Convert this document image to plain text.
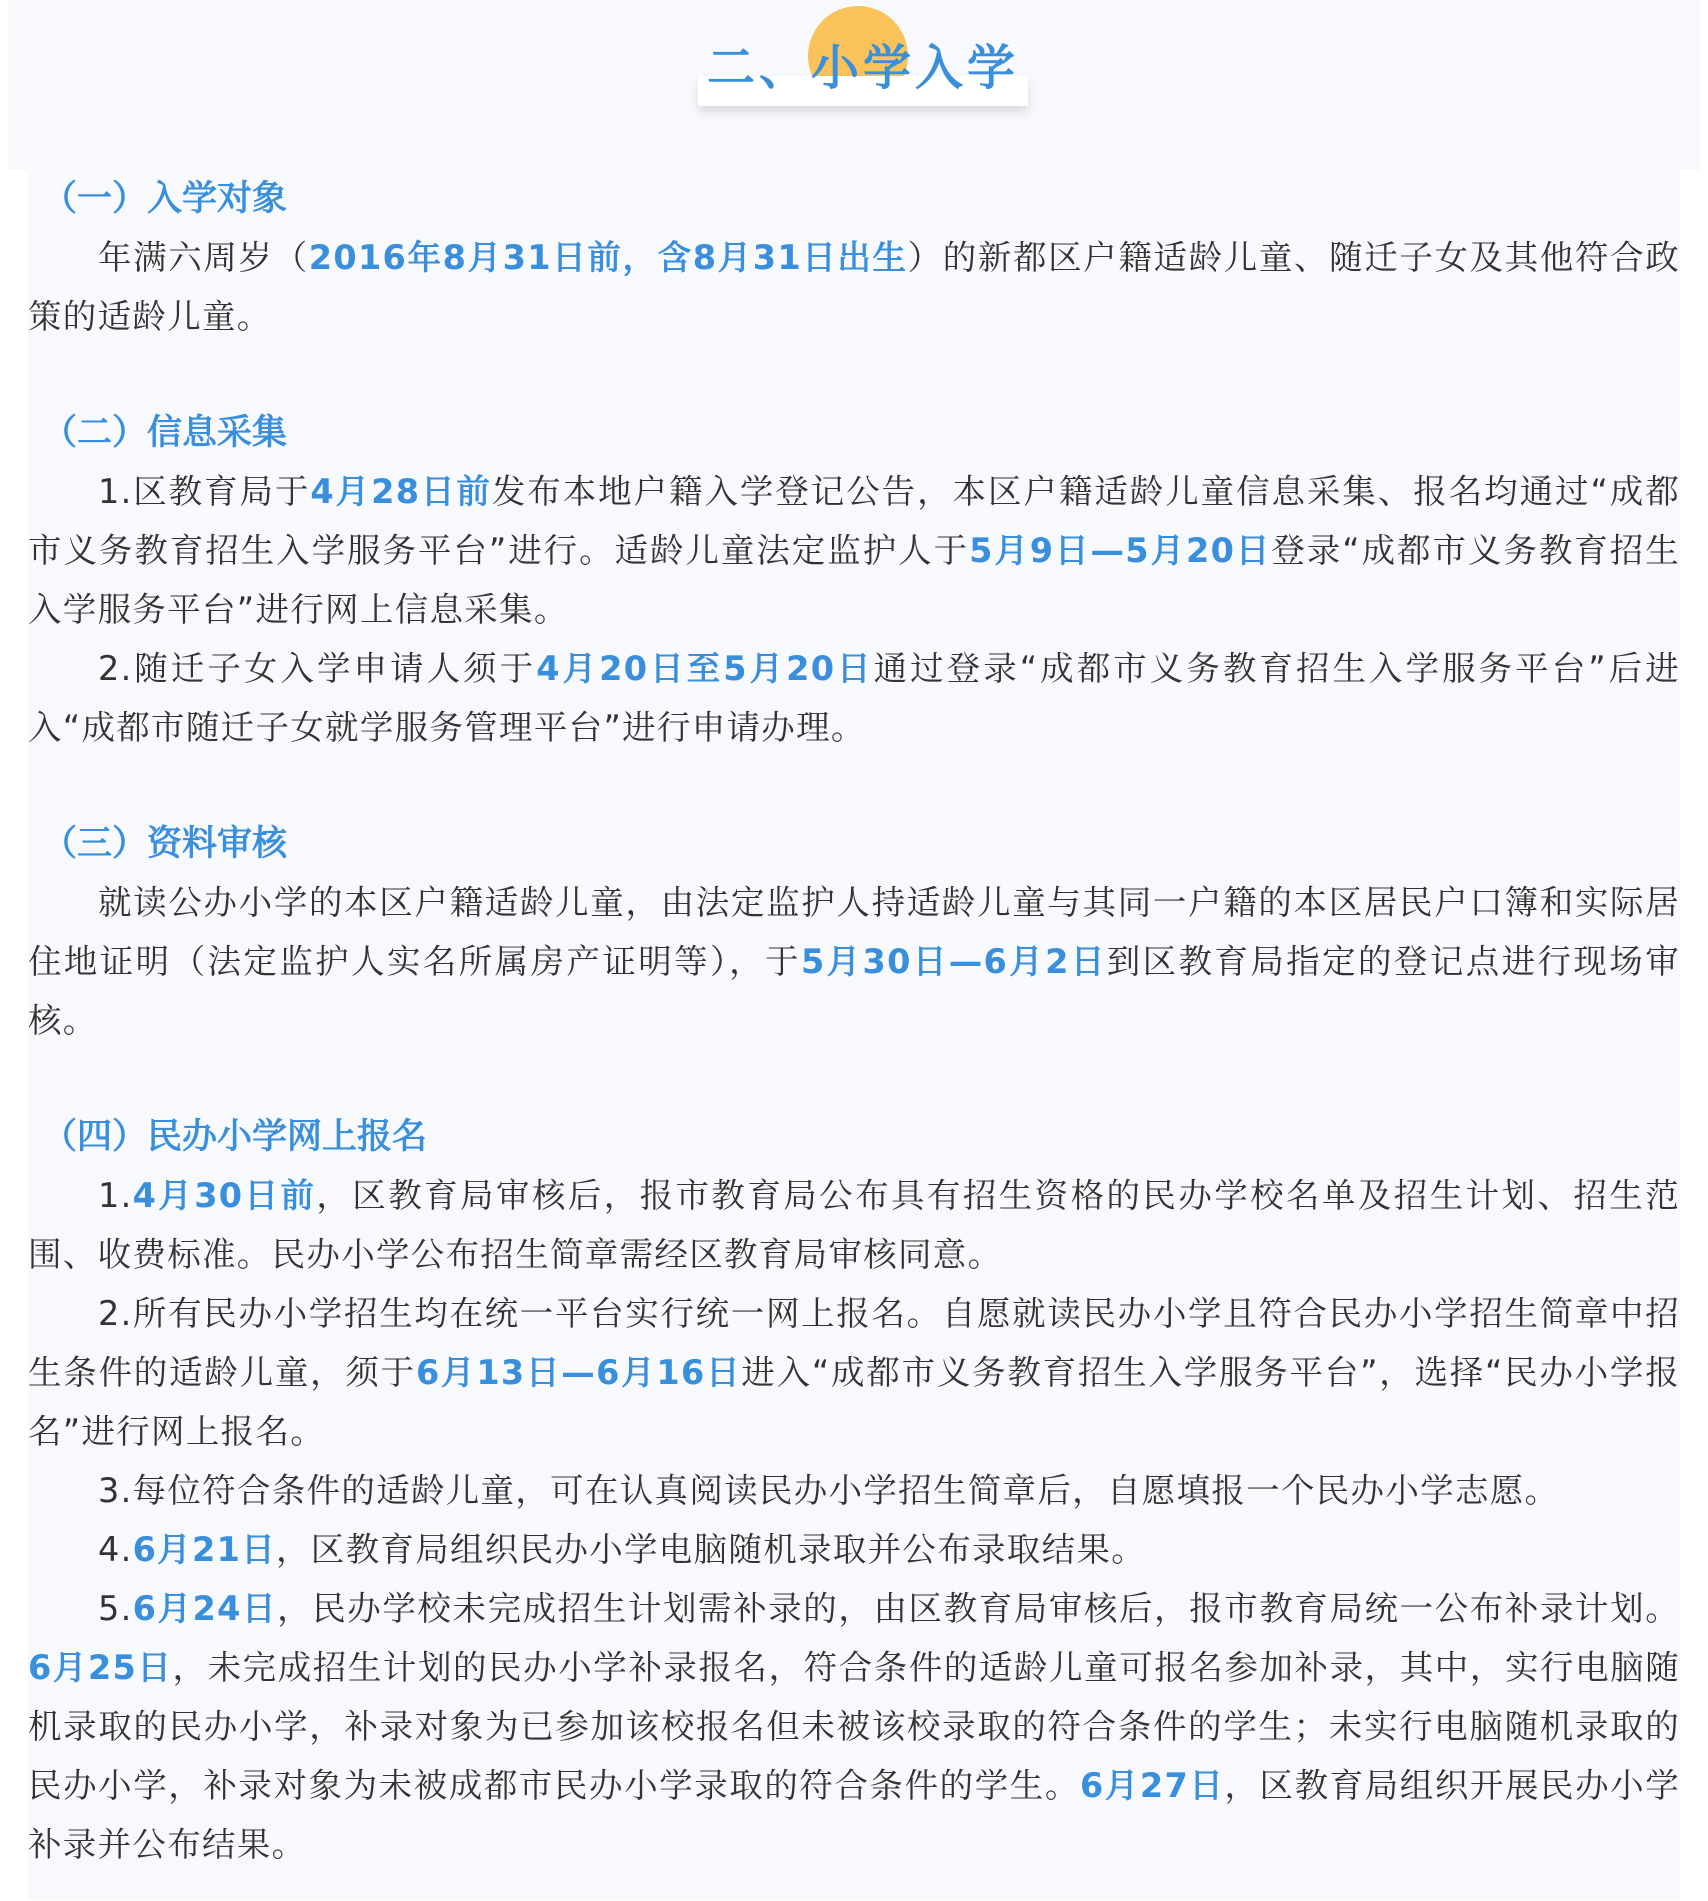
二、小学入学

（一）入学对象

年满六周岁（2016年8月31日前，含8月31日出生）的新都区户籍适龄儿童、随迁子女及其他符合政策的适龄儿童。

（二）信息采集

1.区教育局于4月28日前发布本地户籍入学登记公告，本区户籍适龄儿童信息采集、报名均通过“成都市义务教育招生入学服务平台”进行。适龄儿童法定监护人于5月9日—5月20日登录“成都市义务教育招生入学服务平台”进行网上信息采集。

2.随迁子女入学申请人须于4月20日至5月20日通过登录“成都市义务教育招生入学服务平台”后进入“成都市随迁子女就学服务管理平台”进行申请办理。

（三）资料审核

就读公办小学的本区户籍适龄儿童，由法定监护人持适龄儿童与其同一户籍的本区居民户口簿和实际居住地证明（法定监护人实名所属房产证明等），于5月30日—6月2日到区教育局指定的登记点进行现场审核。

（四）民办小学网上报名

1.4月30日前，区教育局审核后，报市教育局公布具有招生资格的民办学校名单及招生计划、招生范围、收费标准。民办小学公布招生简章需经区教育局审核同意。

2.所有民办小学招生均在统一平台实行统一网上报名。自愿就读民办小学且符合民办小学招生简章中招生条件的适龄儿童，须于6月13日—6月16日进入“成都市义务教育招生入学服务平台”，选择“民办小学报名”进行网上报名。

3.每位符合条件的适龄儿童，可在认真阅读民办小学招生简章后，自愿填报一个民办小学志愿。

4.6月21日，区教育局组织民办小学电脑随机录取并公布录取结果。

5.6月24日，民办学校未完成招生计划需补录的，由区教育局审核后，报市教育局统一公布补录计划。6月25日，未完成招生计划的民办小学补录报名，符合条件的适龄儿童可报名参加补录，其中，实行电脑随机录取的民办小学，补录对象为已参加该校报名但未被该校录取的符合条件的学生；未实行电脑随机录取的民办小学，补录对象为未被成都市民办小学录取的符合条件的学生。6月27日，区教育局组织开展民办小学补录并公布结果。
